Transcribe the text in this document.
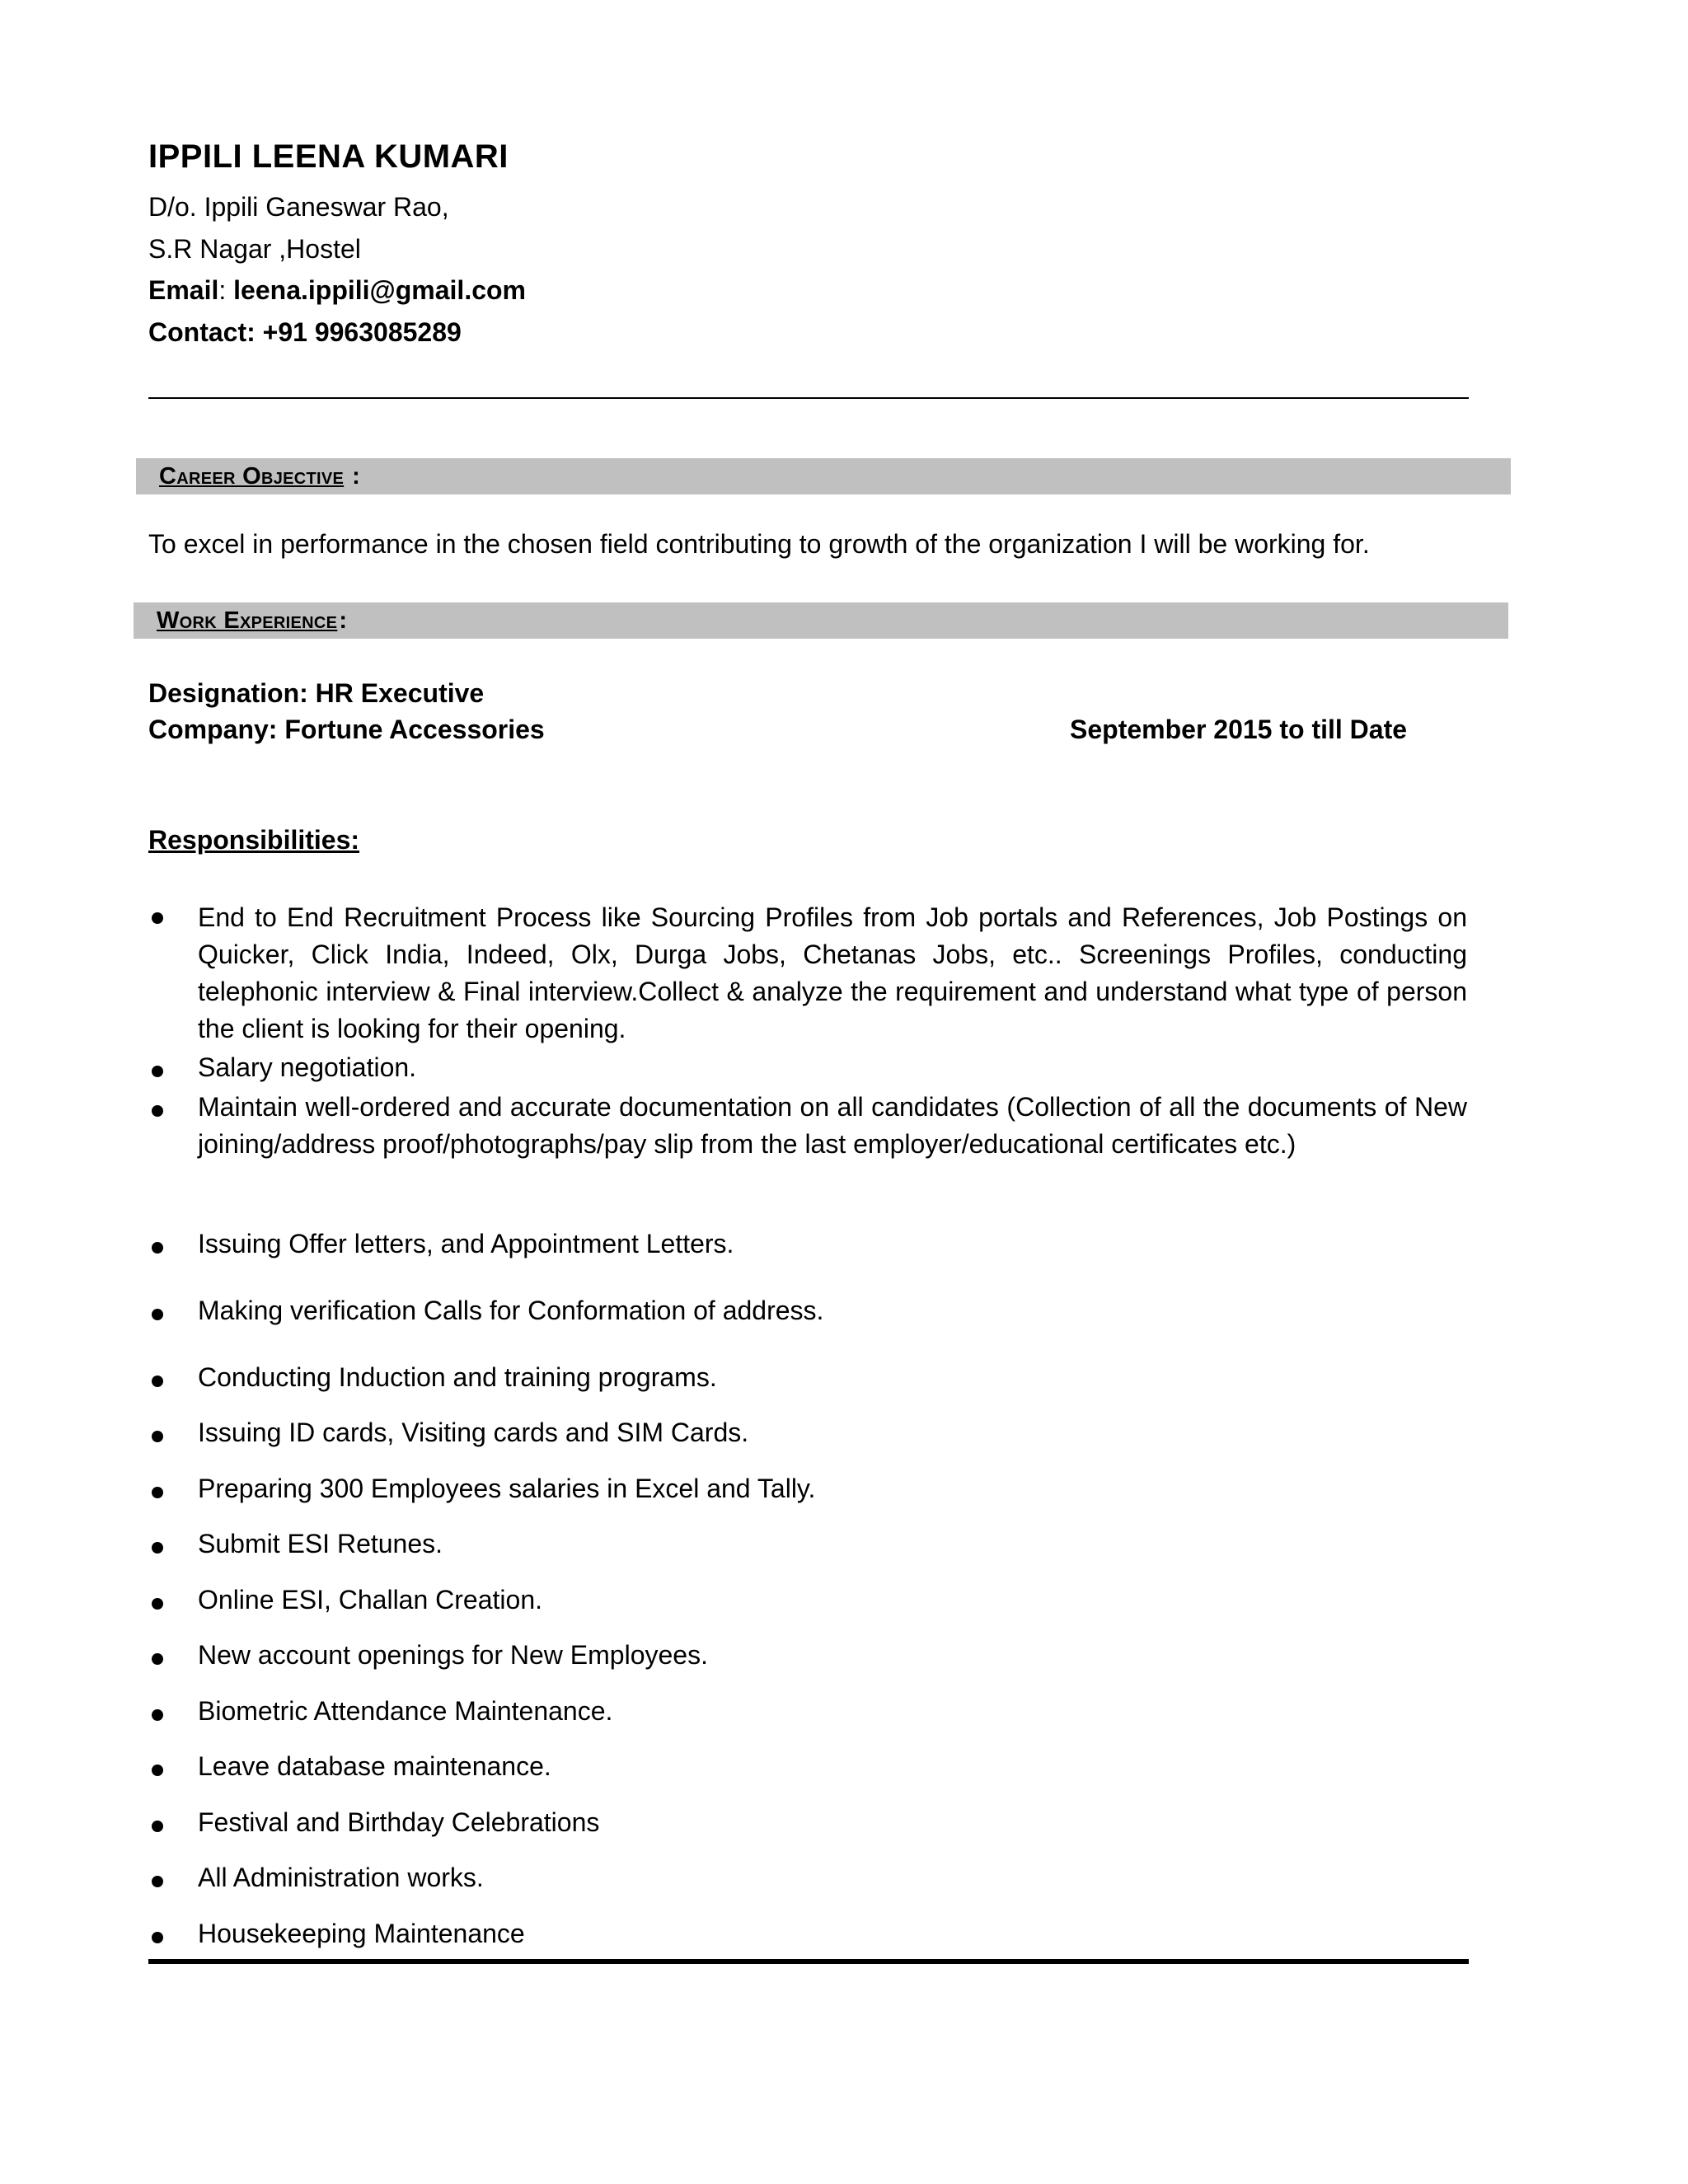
IPPILI LEENA KUMARI
D/o. Ippili Ganeswar Rao,
S.R Nagar ,Hostel
Email: leena.ippili@gmail.com
Contact: +91 9963085289
Career Objective :
To excel in performance in the chosen field contributing to growth of the organization I will be working for.
Work Experience:
Designation: HR Executive
Company: Fortune Accessories	September 2015 to till Date
Responsibilities:
End to End Recruitment Process like Sourcing Profiles from Job portals and References, Job Postings on Quicker, Click India, Indeed, Olx, Durga Jobs, Chetanas Jobs, etc.. Screenings Profiles, conducting telephonic interview & Final interview.Collect & analyze the requirement and understand what type of person the client is looking for their opening.
Salary negotiation.
Maintain well-ordered and accurate documentation on all candidates (Collection of all the documents of New joining/address proof/photographs/pay slip from the last employer/educational certificates etc.)
Issuing Offer letters, and Appointment Letters.
Making verification Calls for Conformation of address.
Conducting Induction and training programs.
Issuing ID cards, Visiting cards and SIM Cards.
Preparing 300 Employees salaries in Excel and Tally.
Submit ESI Retunes.
Online ESI, Challan Creation.
New account openings for New Employees.
Biometric Attendance Maintenance.
Leave database maintenance.
Festival and Birthday Celebrations
All Administration works.
Housekeeping Maintenance
